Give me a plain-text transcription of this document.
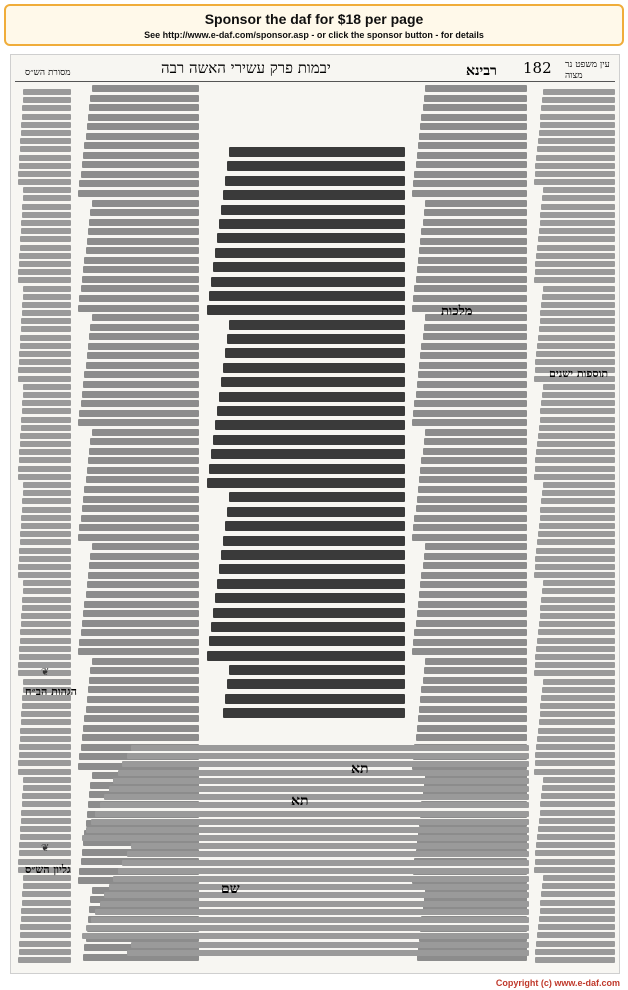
Sponsor the daf for $18 per page
See http://www.e-daf.com/sponsor.asp - or click the sponsor button - for details
מסורת הש״ס	יבמות פרק עשירי האשה רבה	182 עין משפט נר מצוה
הגהות הב״ח
גליון הש״ס
רבינא
מלכות
תוספות ישנים
תא
תא
שם
❦
❦
Copyright (c) www.e-daf.com
